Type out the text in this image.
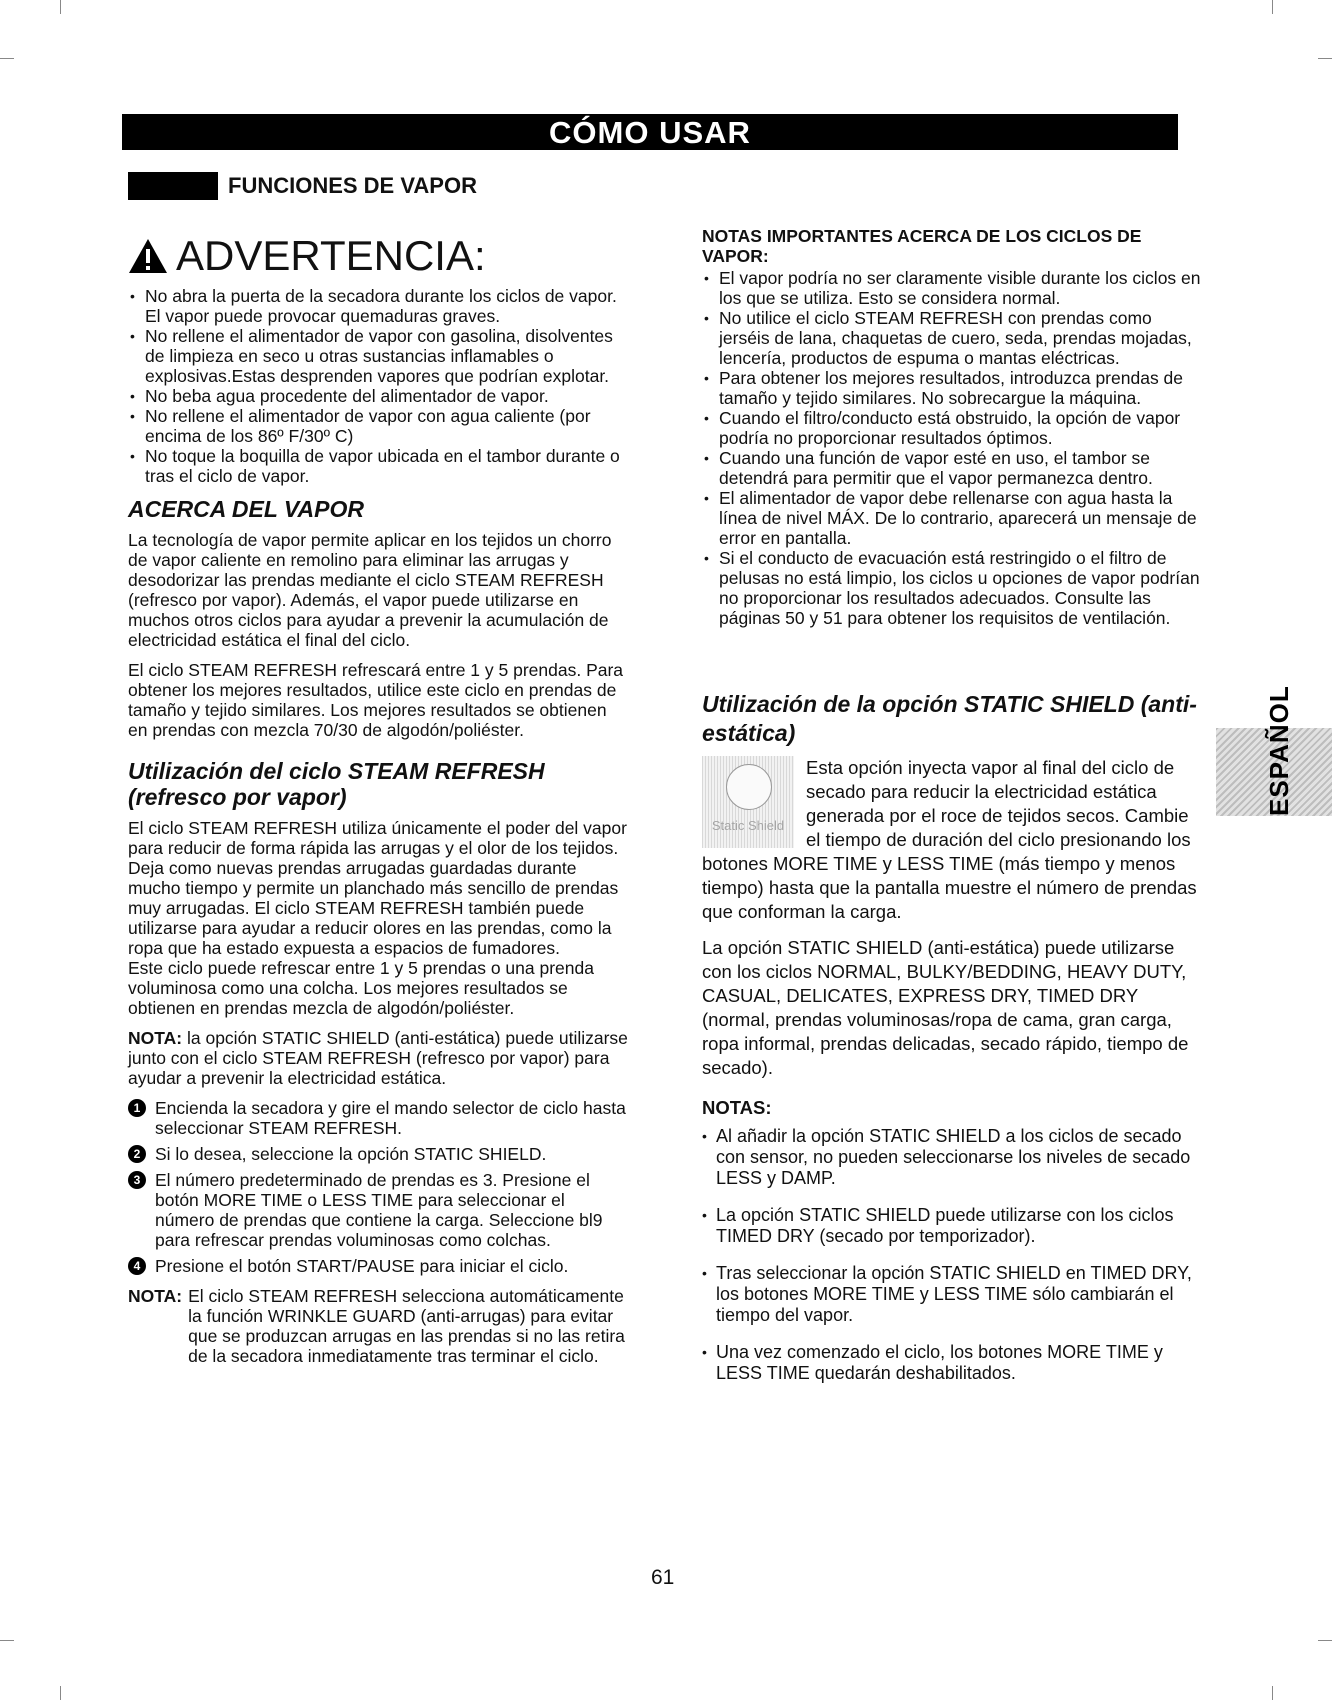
CÓMO USAR
FUNCIONES DE VAPOR
ADVERTENCIA:
• No abra la puerta de la secadora durante los ciclos de vapor. El vapor puede provocar quemaduras graves.
• No rellene el alimentador de vapor con gasolina, disolventes de limpieza en seco u otras sustancias inflamables o explosivas.Estas desprenden vapores que podrían explotar.
• No beba agua procedente del alimentador de vapor.
• No rellene el alimentador de vapor con agua caliente (por encima de los 86º F/30º C)
• No toque la boquilla de vapor ubicada en el tambor durante o tras el ciclo de vapor.
ACERCA DEL VAPOR

La tecnología de vapor permite aplicar en los tejidos un chorro de vapor caliente en remolino para eliminar las arrugas y desodorizar las prendas mediante el ciclo STEAM REFRESH (refresco por vapor). Además, el vapor puede utilizarse en muchos otros ciclos para ayudar a prevenir la acumulación de electricidad estática el final del ciclo.

El ciclo STEAM REFRESH refrescará entre 1 y 5 prendas. Para obtener los mejores resultados, utilice este ciclo en prendas de tamaño y tejido similares. Los mejores resultados se obtienen en prendas con mezcla 70/30 de algodón/poliéster.

Utilización del ciclo STEAM REFRESH (refresco por vapor)

El ciclo STEAM REFRESH utiliza únicamente el poder del vapor para reducir de forma rápida las arrugas y el olor de los tejidos. Deja como nuevas prendas arrugadas guardadas durante mucho tiempo y permite un planchado más sencillo de prendas muy arrugadas. El ciclo STEAM REFRESH también puede utilizarse para ayudar a reducir olores en las prendas, como la ropa que ha estado expuesta a espacios de fumadores.

Este ciclo puede refrescar entre 1 y 5 prendas o una prenda voluminosa como una colcha. Los mejores resultados se obtienen en prendas mezcla de algodón/poliéster.

NOTA: la opción STATIC SHIELD (anti-estática) puede utilizarse junto con el ciclo STEAM REFRESH (refresco por vapor) para ayudar a prevenir la electricidad estática.

1 Encienda la secadora y gire el mando selector de ciclo hasta seleccionar STEAM REFRESH.
2 Si lo desea, seleccione la opción STATIC SHIELD.
3 El número predeterminado de prendas es 3. Presione el botón MORE TIME o LESS TIME para seleccionar el número de prendas que contiene la carga. Seleccione bl9 para refrescar prendas voluminosas como colchas.
4 Presione el botón START/PAUSE para iniciar el ciclo.
NOTA: El ciclo STEAM REFRESH selecciona automáticamente la función WRINKLE GUARD (anti-arrugas) para evitar que se produzcan arrugas en las prendas si no las retira de la secadora inmediatamente tras terminar el ciclo.
NOTAS IMPORTANTES ACERCA DE LOS CICLOS DE VAPOR:
• El vapor podría no ser claramente visible durante los ciclos en los que se utiliza. Esto se considera normal.
• No utilice el ciclo STEAM REFRESH con prendas como jerséis de lana, chaquetas de cuero, seda, prendas mojadas, lencería, productos de espuma o mantas eléctricas.
• Para obtener los mejores resultados, introduzca prendas de tamaño y tejido similares. No sobrecargue la máquina.
• Cuando el filtro/conducto está obstruido, la opción de vapor podría no proporcionar resultados óptimos.
• Cuando una función de vapor esté en uso, el tambor se detendrá para permitir que el vapor permanezca dentro.
• El alimentador de vapor debe rellenarse con agua hasta la línea de nivel MÁX. De lo contrario, aparecerá un mensaje de error en pantalla.
• Si el conducto de evacuación está restringido o el filtro de pelusas no está limpio, los ciclos u opciones de vapor podrían no proporcionar los resultados adecuados. Consulte las páginas 50 y 51 para obtener los requisitos de ventilación.
Utilización de la opción STATIC SHIELD (anti-estática)
Static Shield

Esta opción inyecta vapor al final del ciclo de secado para reducir la electricidad estática generada por el roce de tejidos secos. Cambie el tiempo de duración del ciclo presionando los botones MORE TIME y LESS TIME (más tiempo y menos tiempo) hasta que la pantalla muestre el número de prendas que conforman la carga.

La opción STATIC SHIELD (anti-estática) puede utilizarse con los ciclos NORMAL, BULKY/BEDDING, HEAVY DUTY, CASUAL, DELICATES, EXPRESS DRY, TIMED DRY (normal, prendas voluminosas/ropa de cama, gran carga, ropa informal, prendas delicadas, secado rápido, tiempo de secado).

NOTAS:
• Al añadir la opción STATIC SHIELD a los ciclos de secado con sensor, no pueden seleccionarse los niveles de secado LESS y DAMP.
• La opción STATIC SHIELD puede utilizarse con los ciclos TIMED DRY (secado por temporizador).
• Tras seleccionar la opción STATIC SHIELD en TIMED DRY, los botones MORE TIME y LESS TIME sólo cambiarán el tiempo del vapor.
• Una vez comenzado el ciclo, los botones MORE TIME y LESS TIME quedarán deshabilitados.
ESPAÑOL
61
